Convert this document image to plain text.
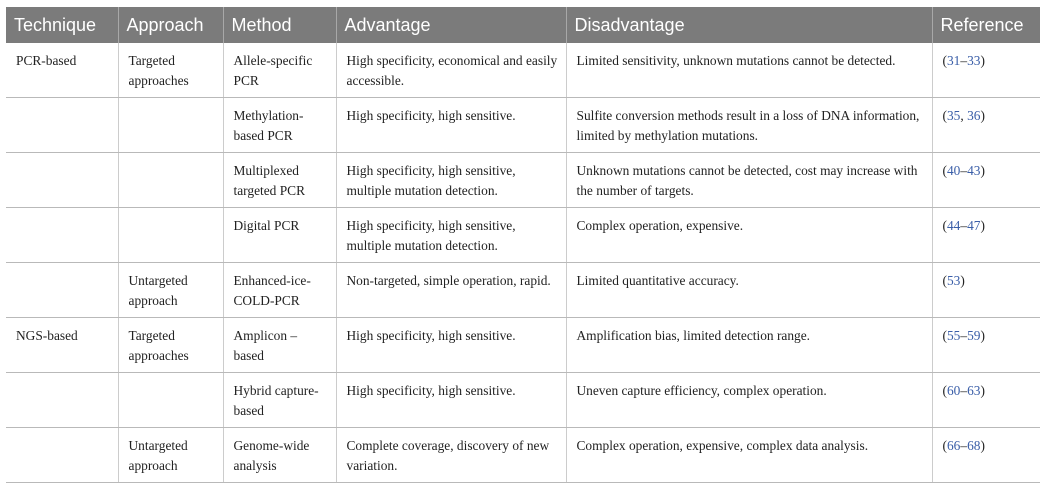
Technique	Approach	Method	Advantage	Disadvantage	Reference
PCR-based	Targeted approaches	Allele-specific PCR	High specificity, economical and easily accessible.	Limited sensitivity, unknown mutations cannot be detected.	(31–33)
		Methylation-based PCR	High specificity, high sensitive.	Sulfite conversion methods result in a loss of DNA information, limited by methylation mutations.	(35, 36)
		Multiplexed targeted PCR	High specificity, high sensitive, multiple mutation detection.	Unknown mutations cannot be detected, cost may increase with the number of targets.	(40–43)
		Digital PCR	High specificity, high sensitive, multiple mutation detection.	Complex operation, expensive.	(44–47)
	Untargeted approach	Enhanced-ice-COLD-PCR	Non-targeted, simple operation, rapid.	Limited quantitative accuracy.	(53)
NGS-based	Targeted approaches	Amplicon –based	High specificity, high sensitive.	Amplification bias, limited detection range.	(55–59)
		Hybrid capture-based	High specificity, high sensitive.	Uneven capture efficiency, complex operation.	(60–63)
	Untargeted approach	Genome-wide analysis	Complete coverage, discovery of new variation.	Complex operation, expensive, complex data analysis.	(66–68)
